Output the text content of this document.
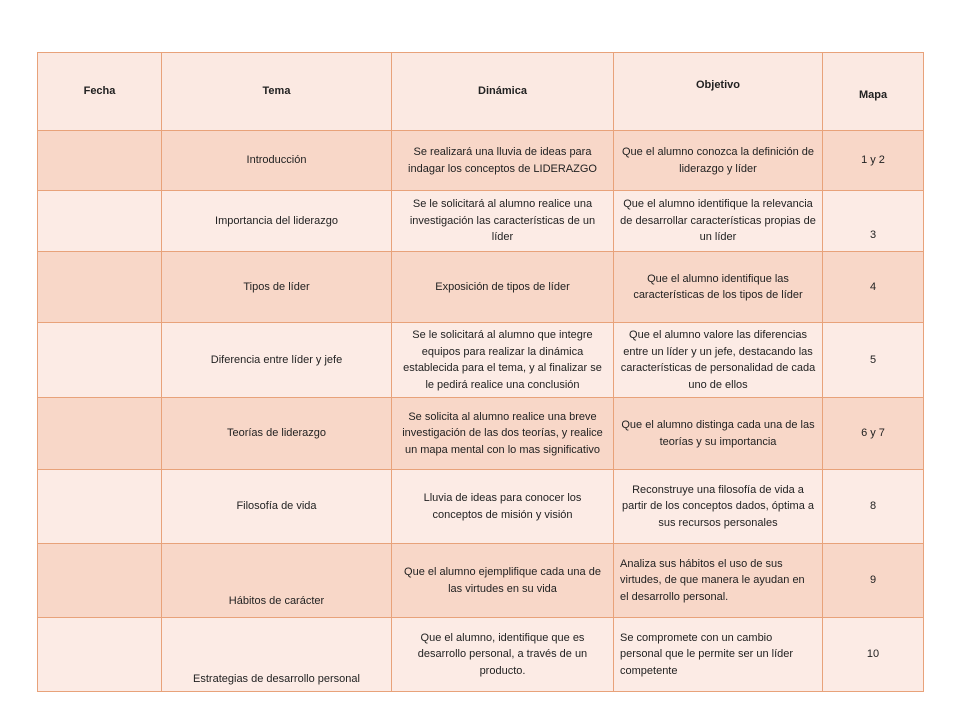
Fecha	Tema	Dinámica	Objetivo	Mapa
	Introducción	Se realizará una lluvia de ideas para indagar los conceptos de LIDERAZGO	Que el alumno conozca la definición de liderazgo y líder	1 y 2
	Importancia del liderazgo	Se le solicitará al alumno realice una investigación las características de un líder	Que el alumno identifique la relevancia de desarrollar características propias de un líder	3
	Tipos de líder	Exposición de tipos de líder	Que el alumno identifique las características de los tipos de líder	4
	Diferencia entre líder y jefe	Se le solicitará al alumno que integre equipos para realizar la dinámica establecida para el tema, y al finalizar se le pedirá realice una conclusión	Que el alumno valore las diferencias entre un líder y un jefe, destacando las características de personalidad de cada uno de ellos	5
	Teorías de liderazgo	Se solicita al alumno realice una breve investigación de las dos teorías, y realice un mapa mental con lo mas significativo	Que el alumno distinga cada una de las teorías y su importancia	6 y 7
	Filosofía de vida	Lluvia de ideas para conocer los conceptos de misión y visión	Reconstruye una filosofía de vida a partir de los conceptos dados, óptima a sus recursos personales	8
	Hábitos de carácter	Que el alumno ejemplifique cada una de las virtudes en su vida	Analiza sus hábitos el uso de sus virtudes, de que manera le ayudan en el desarrollo personal.	9
	Estrategias de desarrollo personal	Que el alumno, identifique que es desarrollo personal, a través de un producto.	Se compromete con un cambio personal que le permite ser un líder competente	10
